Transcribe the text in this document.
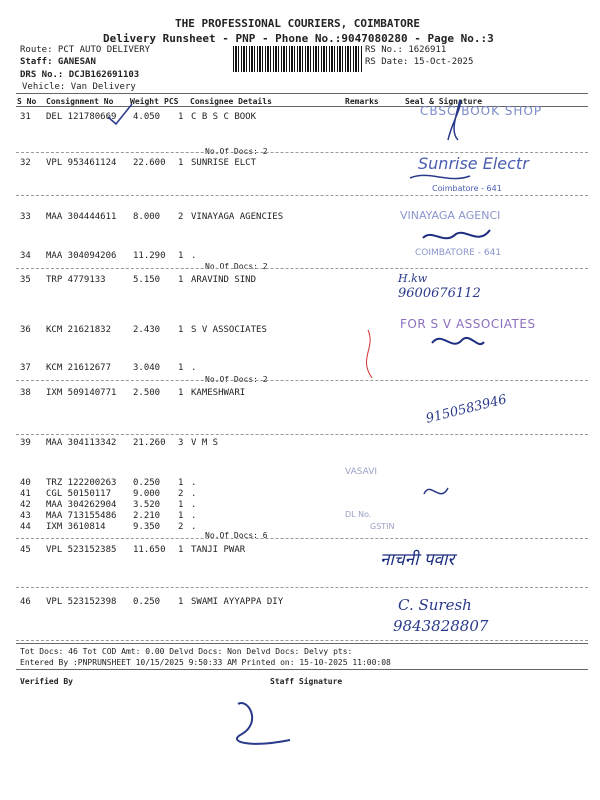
THE PROFESSIONAL COURIERS, COIMBATORE
Delivery Runsheet - PNP - Phone No.:9047080280 - Page No.:3
Route: PCT AUTO DELIVERY
Staff: GANESAN
DRS No.: DCJB162691103
Vehicle: Van Delivery
RS No.: 1626911
RS Date: 15-Oct-2025
S No Consignment No Weight PCS Consignee Details	Remarks	Seal & Signature
31 DEL 121780669 4.050 1 C B S C BOOK
32 VPL 953461124 22.600 1 SUNRISE ELCT
33 MAA 304444611 8.000 2 VINAYAGA AGENCIES
34 MAA 304094206 11.290 1 .
35 TRP 4779133	5.150 1 ARAVIND SIND
36 KCM 21621832 2.430 1 S V ASSOCIATES
37 KCM 21612677 3.040 1 .
38 IXM 509140771 2.500 1 KAMESHWARI
39 MAA 304113342 21.260 3 V M S
40 TRZ 122200263 0.250 1 .
41 CGL 50150117 9.000 2 .
42 MAA 304262904 3.520 1 .
43 MAA 713155486 2.210 1 .
44 IXM 3610814	9.350 2 .
45 VPL 523152385 11.650 1 TANJI PWAR
46 VPL 523152398 0.250 1 SWAMI AYYAPPA DIY
No.Of Docs: 2
No.Of Docs: 2
No.Of Docs: 2
No.Of Docs: 6
CBSC BOOK SHOP
Sunrise Electr
Coimbatore - 641
VINAYAGA AGENCI
COIMBATORE - 641
FOR S V ASSOCIATES
VASAVI
DL No.
GSTIN
H.kw
9600676112
9150583946
नाचनी पवार
C. Suresh
9843828807
Tot Docs: 46 Tot COD Amt: 0.00 Delvd Docs: Non Delvd Docs: Delvy pts:
Entered By :PNPRUNSHEET 10/15/2025 9:50:33 AM Printed on: 15-10-2025 11:00:08
Verified By	Staff Signature
